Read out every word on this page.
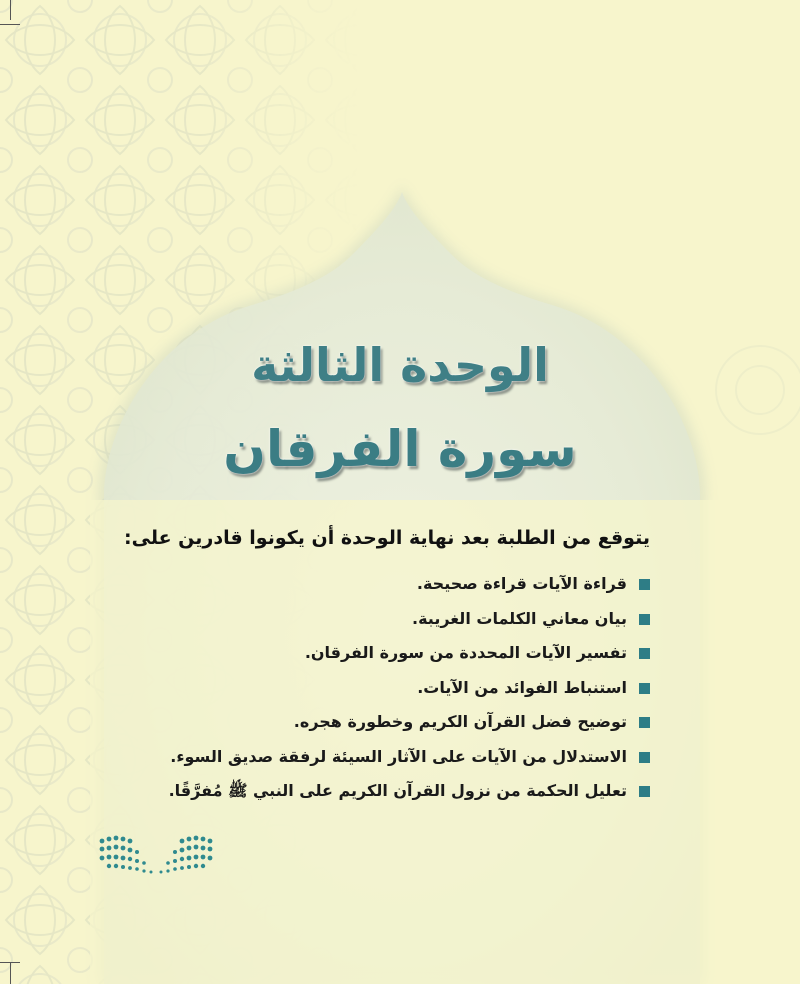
الوحدة الثالثة
سورة الفرقان
يتوقع من الطلبة بعد نهاية الوحدة أن يكونوا قادرين على:
قراءة الآيات قراءة صحيحة.
بيان معاني الكلمات الغريبة.
تفسير الآيات المحددة من سورة الفرقان.
استنباط الفوائد من الآيات.
توضيح فضل القرآن الكريم وخطورة هجره.
الاستدلال من الآيات على الآثار السيئة لرفقة صديق السوء.
تعليل الحكمة من نزول القرآن الكريم على النبي ﷺ مُفرَّقًا.
